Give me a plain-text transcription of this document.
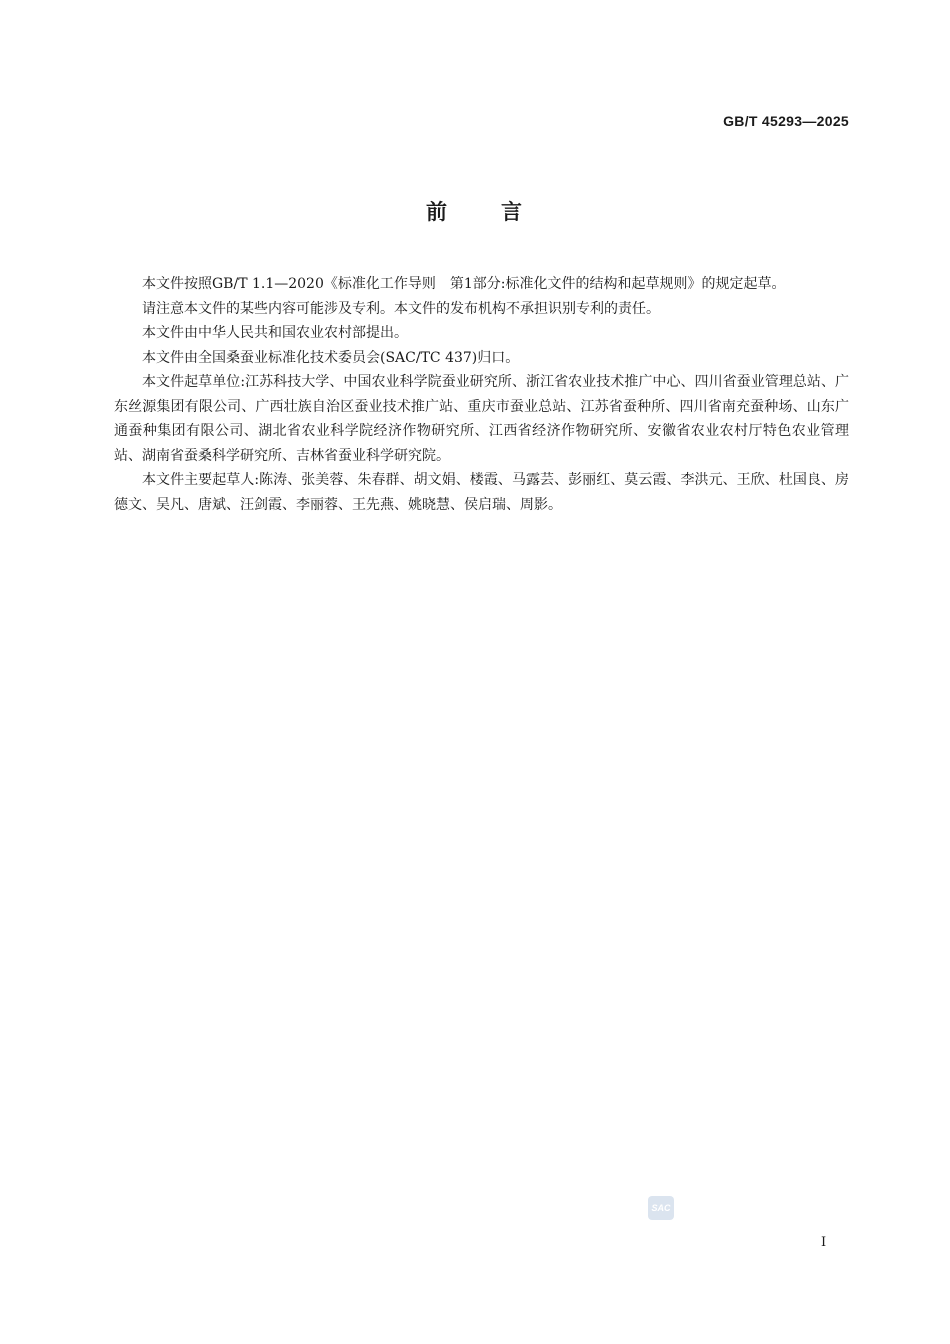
GB/T 45293—2025
前 言

本文件按照GB/T 1.1—2020《标准化工作导则　第1部分:标准化文件的结构和起草规则》的规定起草。

请注意本文件的某些内容可能涉及专利。本文件的发布机构不承担识别专利的责任。

本文件由中华人民共和国农业农村部提出。

本文件由全国桑蚕业标准化技术委员会(SAC/TC 437)归口。

本文件起草单位:江苏科技大学、中国农业科学院蚕业研究所、浙江省农业技术推广中心、四川省蚕业管理总站、广东丝源集团有限公司、广西壮族自治区蚕业技术推广站、重庆市蚕业总站、江苏省蚕种所、四川省南充蚕种场、山东广通蚕种集团有限公司、湖北省农业科学院经济作物研究所、江西省经济作物研究所、安徽省农业农村厅特色农业管理站、湖南省蚕桑科学研究所、吉林省蚕业科学研究院。

本文件主要起草人:陈涛、张美蓉、朱春群、胡文娟、楼霞、马露芸、彭丽红、莫云霞、李洪元、王欣、杜国良、房德文、吴凡、唐斌、汪剑霞、李丽蓉、王先燕、姚晓慧、侯启瑞、周影。

SAC
I
